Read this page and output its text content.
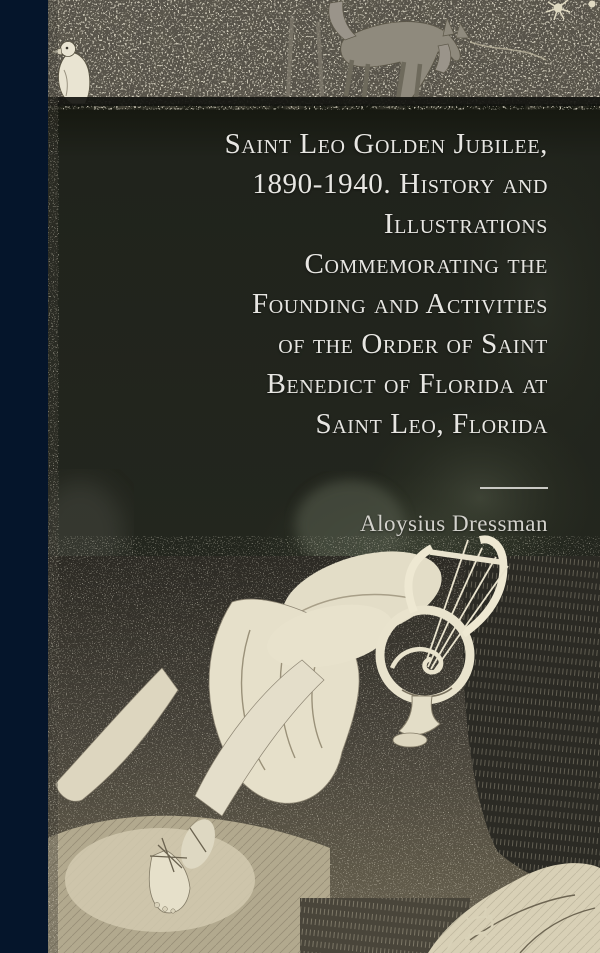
Saint Leo Golden Jubilee,
1890-1940. History and
Illustrations
Commemorating the
Founding and Activities
of the Order of Saint
Benedict of Florida at
Saint Leo, Florida
Aloysius Dressman
